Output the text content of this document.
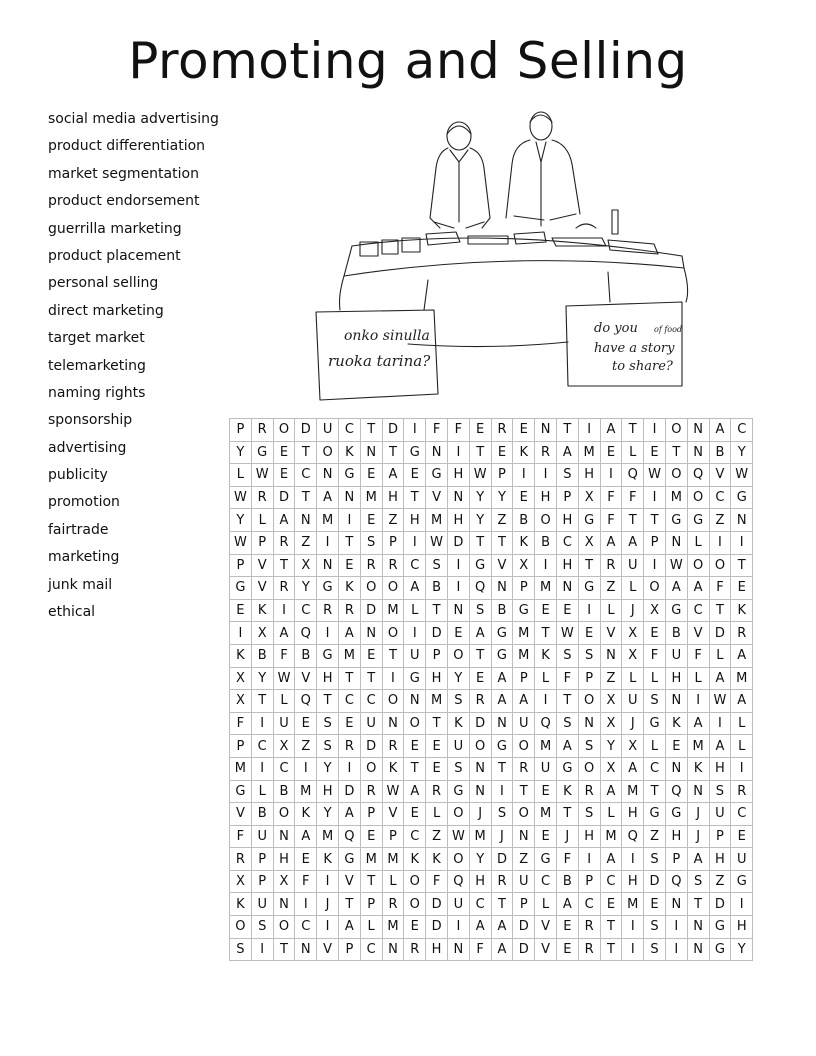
Promoting and Selling
social media advertising
product differentiation
market segmentation
product endorsement
guerrilla marketing
product placement
personal selling
direct marketing
target market
telemarketing
naming rights
sponsorship
advertising
publicity
promotion
fairtrade
marketing
junk mail
ethical
onko sinulla
ruoka tarina?
do you
have a story
to share?
of food
P	R	O	D	U	C	T	D	I	F	F	E	R	E	N	T	I	A	T	I	O	N	A	C
Y	G	E	T	O	K	N	T	G	N	I	T	E	K	R	A	M	E	L	E	T	N	B	Y
L	W	E	C	N	G	E	A	E	G	H	W	P	I	I	S	H	I	Q	W	O	Q	V	W
W	R	D	T	A	N	M	H	T	V	N	Y	Y	E	H	P	X	F	F	I	M	O	C	G
Y	L	A	N	M	I	E	Z	H	M	H	Y	Z	B	O	H	G	F	T	T	G	G	Z	N
W	P	R	Z	I	T	S	P	I	W	D	T	T	K	B	C	X	A	A	P	N	L	I	I
P	V	T	X	N	E	R	R	C	S	I	G	V	X	I	H	T	R	U	I	W	O	O	T
G	V	R	Y	G	K	O	O	A	B	I	Q	N	P	M	N	G	Z	L	O	A	A	F	E
E	K	I	C	R	R	D	M	L	T	N	S	B	G	E	E	I	L	J	X	G	C	T	K
I	X	A	Q	I	A	N	O	I	D	E	A	G	M	T	W	E	V	X	E	B	V	D	R
K	B	F	B	G	M	E	T	U	P	O	T	G	M	K	S	S	N	X	F	U	F	L	A
X	Y	W	V	H	T	T	I	G	H	Y	E	A	P	L	F	P	Z	L	L	H	L	A	M
X	T	L	Q	T	C	C	O	N	M	S	R	A	A	I	T	O	X	U	S	N	I	W	A
F	I	U	E	S	E	U	N	O	T	K	D	N	U	Q	S	N	X	J	G	K	A	I	L
P	C	X	Z	S	R	D	R	E	E	U	O	G	O	M	A	S	Y	X	L	E	M	A	L
M	I	C	I	Y	I	O	K	T	E	S	N	T	R	U	G	O	X	A	C	N	K	H	I
G	L	B	M	H	D	R	W	A	R	G	N	I	T	E	K	R	A	M	T	Q	N	S	R
V	B	O	K	Y	A	P	V	E	L	O	J	S	O	M	T	S	L	H	G	G	J	U	C
F	U	N	A	M	Q	E	P	C	Z	W	M	J	N	E	J	H	M	Q	Z	H	J	P	E
R	P	H	E	K	G	M	M	K	K	O	Y	D	Z	G	F	I	A	I	S	P	A	H	U
X	P	X	F	I	V	T	L	O	F	Q	H	R	U	C	B	P	C	H	D	Q	S	Z	G
K	U	N	I	J	T	P	R	O	D	U	C	T	P	L	A	C	E	M	E	N	T	D	I
O	S	O	C	I	A	L	M	E	D	I	A	A	D	V	E	R	T	I	S	I	N	G	H
S	I	T	N	V	P	C	N	R	H	N	F	A	D	V	E	R	T	I	S	I	N	G	Y
